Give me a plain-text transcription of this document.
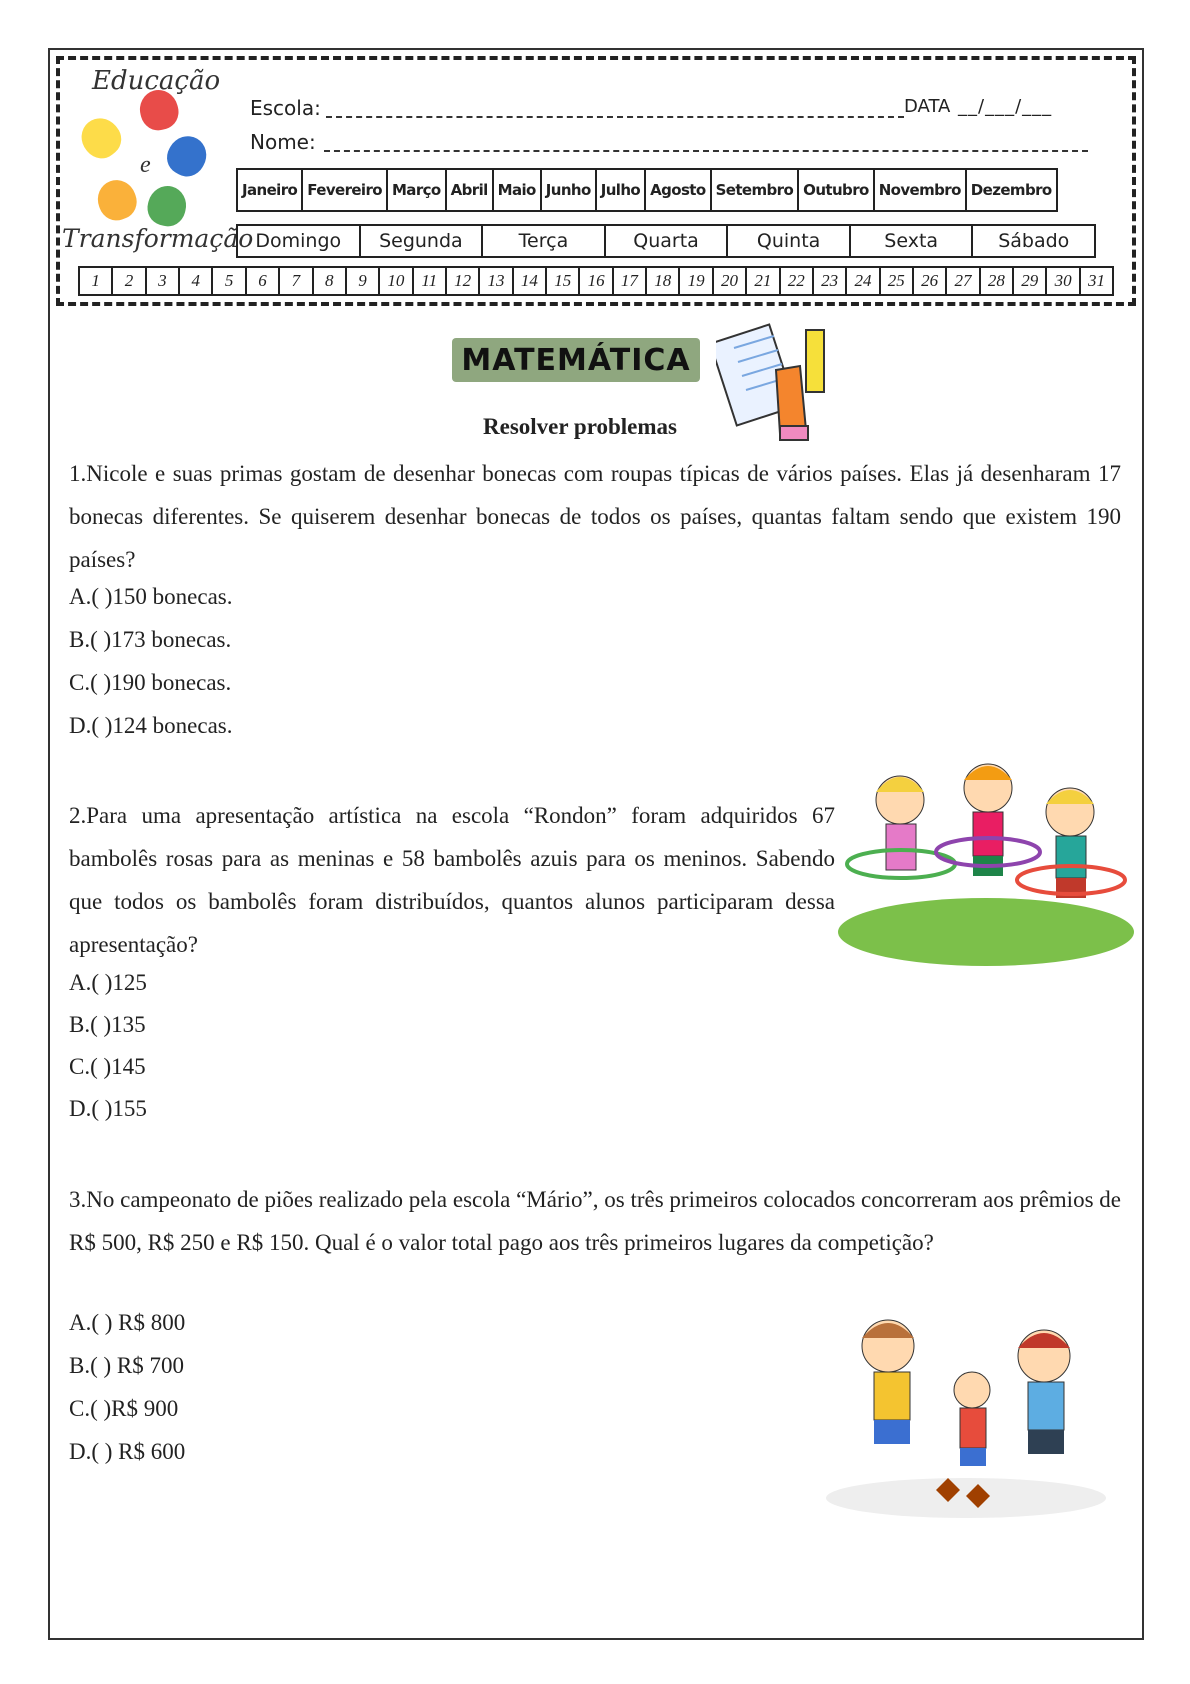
Educação
e
Transformação
Escola:	DATA __/___/___
Nome:
Janeiro Fevereiro Março Abril Maio Junho Julho Agosto Setembro Outubro Novembro Dezembro
Domingo	Segunda	Terça	Quarta	Quinta	Sexta	Sábado
1	2	3	4	5	6	7	8	9	10 11 12 13 14 15 16 17 18 19 20 21 22 23 24 25 26 27 28 29 30 31
MATEMÁTICA
Resolver problemas
1.Nicole e suas primas gostam de desenhar bonecas com roupas típicas de vários países. Elas já desenharam 17 bonecas diferentes. Se quiserem desenhar bonecas de todos os países, quantas faltam sendo que existem 190 países?
A.( )150 bonecas.
B.( )173 bonecas.
C.( )190 bonecas.
D.( )124 bonecas.
2.Para uma apresentação artística na escola “Rondon” foram adquiridos 67 bambolês rosas para as meninas e 58 bambolês azuis para os meninos. Sabendo que todos os bambolês foram distribuídos, quantos alunos participaram dessa apresentação?
A.( )125
B.( )135
C.( )145
D.( )155
3.No campeonato de piões realizado pela escola “Mário”, os três primeiros colocados concorreram aos prêmios de R$ 500, R$ 250 e R$ 150. Qual é o valor total pago aos três primeiros lugares da competição?
A.( ) R$ 800
B.( ) R$ 700
C.( )R$ 900
D.( ) R$ 600
